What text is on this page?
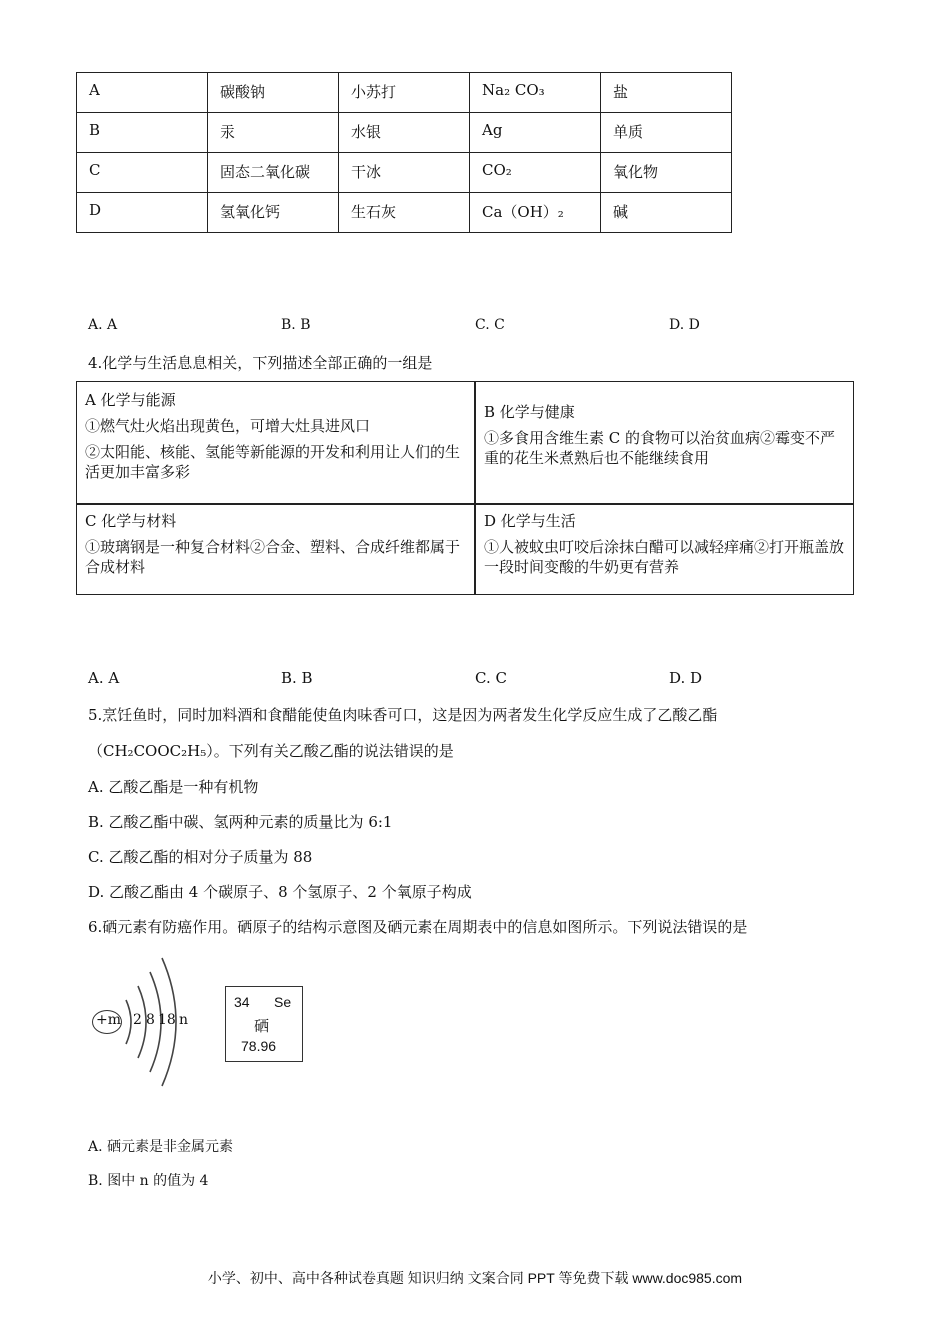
A	碳酸钠	小苏打	Na₂ CO₃	盐
B	汞	水银	Ag	单质
C	固态二氧化碳	干冰	CO₂	氧化物
D	氢氧化钙	生石灰	Ca（OH）₂	碱
A. A	B. B	C. C	D. D
4.化学与生活息息相关，下列描述全部正确的一组是

A 化学与能源

①燃气灶火焰出现黄色，可增大灶具进风口

②太阳能、核能、氢能等新能源的开发和利用让人们的生活更加丰富多彩

B 化学与健康

①多食用含维生素 C 的食物可以治贫血病②霉变不严重的花生米煮熟后也不能继续食用

C 化学与材料

①玻璃钢是一种复合材料②合金、塑料、合成纤维都属于合成材料

D 化学与生活

①人被蚊虫叮咬后涂抹白醋可以减轻痒痛②打开瓶盖放一段时间变酸的牛奶更有营养

A. A	B. B	C. C	D. D
5.烹饪鱼时，同时加料酒和食醋能使鱼肉味香可口，这是因为两者发生化学反应生成了乙酸乙酯
（CH₂COOC₂H₅）。下列有关乙酸乙酯的说法错误的是
A. 乙酸乙酯是一种有机物
B. 乙酸乙酯中碳、氢两种元素的质量比为 6:1
C. 乙酸乙酯的相对分子质量为 88
D. 乙酸乙酯由 4 个碳原子、8 个氢原子、2 个氧原子构成
6.硒元素有防癌作用。硒原子的结构示意图及硒元素在周期表中的信息如图所示。下列说法错误的是
+m 2 8 18 n
34 Se
硒
78.96
A. 硒元素是非金属元素
B. 图中 n 的值为 4
小学、初中、高中各种试卷真题 知识归纳 文案合同 PPT 等免费下载 www.doc985.com
